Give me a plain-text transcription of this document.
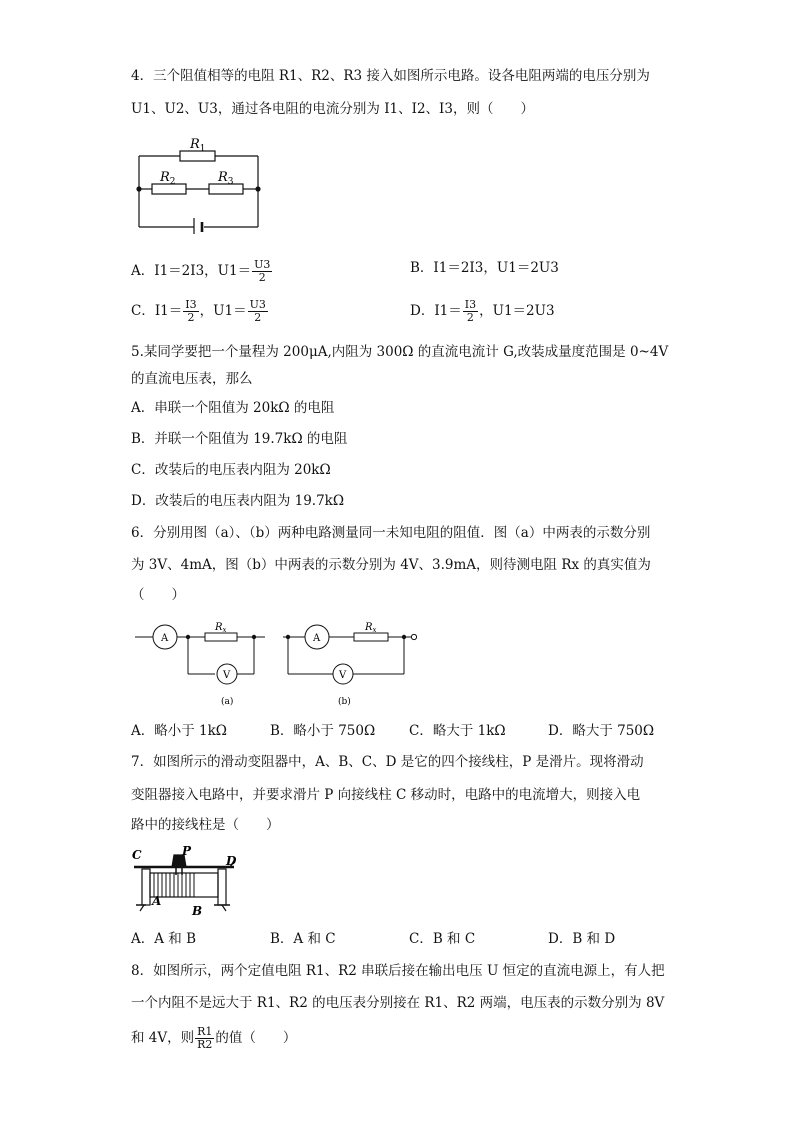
4．三个阻值相等的电阻 R1、R2、R3 接入如图所示电路。设各电阻两端的电压分别为
U1、U2、U3，通过各电阻的电流分别为 I1、I2、I3，则（　　）
$R_1$
$R_2$	$R_3$
A．I1＝2I3，$U1= \frac{U3}{2}$	B．I1＝2I3，U1＝2U3
C．$I1= \frac{I3}{2}$ ，$U1= \frac{U3}{2}$	D．$I1= \frac{I3}{2}$ ，U1＝2U3
5.某同学要把一个量程为 200μA,内阻为 300Ω 的直流电流计 G,改装成量度范围是 0~4V
的直流电压表，那么
A．串联一个阻值为 20kΩ 的电阻
B．并联一个阻值为 19.7kΩ 的电阻
C．改装后的电压表内阻为 20kΩ
D．改装后的电压表内阻为 19.7kΩ
6．分别用图（a）、（b）两种电路测量同一未知电阻的阻值．图（a）中两表的示数分别
为 3V、4mA，图（b）中两表的示数分别为 4V、3.9mA，则待测电阻 Rx 的真实值为
（　　）
A
V
$R_x$
(a)
A
V
$R_x$
(b)
A．略小于 1kΩ	B．略小于 750Ω	C．略大于 1kΩ	D．略大于 750Ω
7．如图所示的滑动变阻器中，A、B、C、D 是它的四个接线柱，P 是滑片。现将滑动
变阻器接入电路中，并要求滑片 P 向接线柱 C 移动时，电路中的电流增大，则接入电
路中的接线柱是（　　）
C	P
D
A
B
A．A 和 B	B．A 和 C	C．B 和 C	D．B 和 D
8．如图所示，两个定值电阻 R1、R2 串联后接在输出电压 U 恒定的直流电源上，有人把
一个内阻不是远大于 R1、R2 的电压表分别接在 R1、R2 两端，电压表的示数分别为 8V
和 4V，则 $\frac{R1}{R2}$ 的值（　　）
